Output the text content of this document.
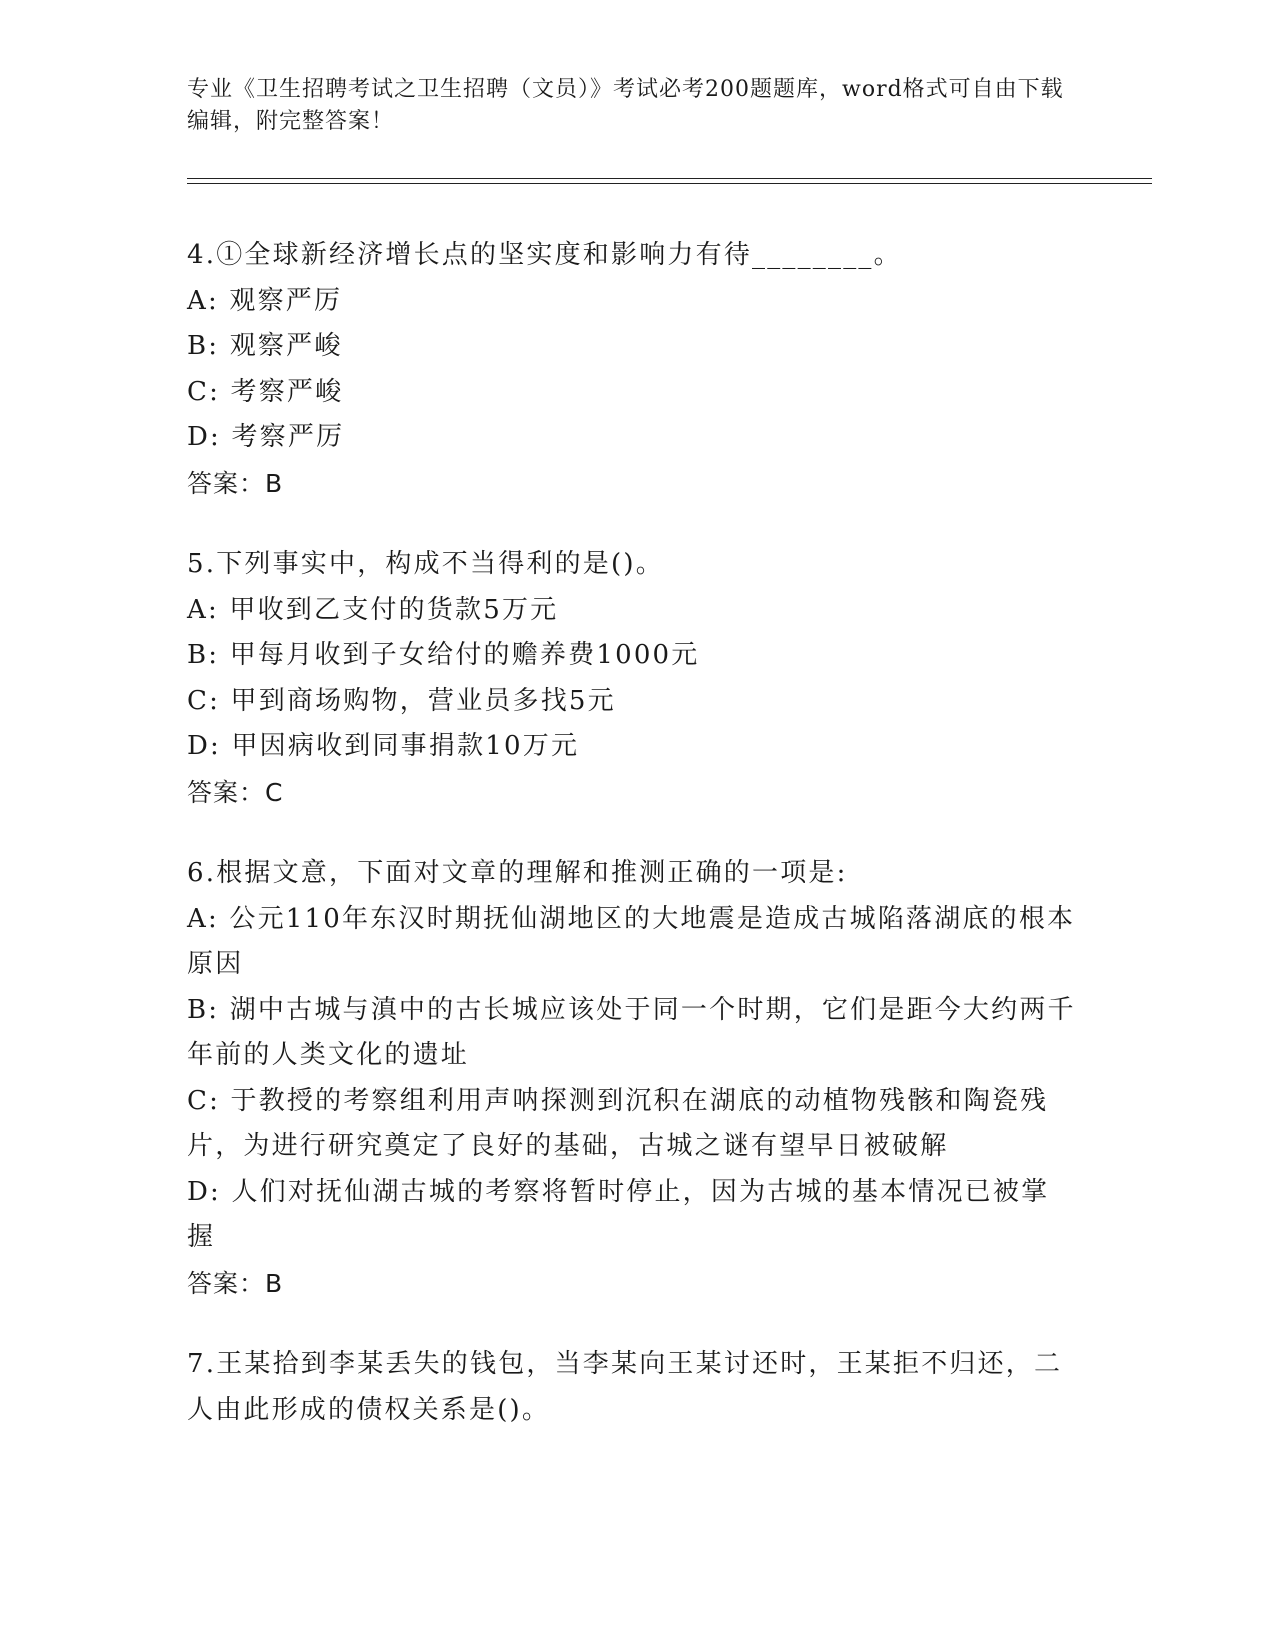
专业《卫生招聘考试之卫生招聘（文员）》考试必考200题题库，word格式可自由下载编辑，附完整答案！
4.①全球新经济增长点的坚实度和影响力有待________。
A: 观察严厉
B: 观察严峻
C: 考察严峻
D: 考察严厉
答案：B
5.下列事实中，构成不当得利的是()。
A: 甲收到乙支付的货款5万元
B: 甲每月收到子女给付的赡养费1000元
C: 甲到商场购物，营业员多找5元
D: 甲因病收到同事捐款10万元
答案：C
6.根据文意，下面对文章的理解和推测正确的一项是:
A: 公元110年东汉时期抚仙湖地区的大地震是造成古城陷落湖底的根本原因
B: 湖中古城与滇中的古长城应该处于同一个时期，它们是距今大约两千年前的人类文化的遗址
C: 于教授的考察组利用声呐探测到沉积在湖底的动植物残骸和陶瓷残片，为进行研究奠定了良好的基础，古城之谜有望早日被破解
D: 人们对抚仙湖古城的考察将暂时停止，因为古城的基本情况已被掌握
答案：B
7.王某拾到李某丢失的钱包，当李某向王某讨还时，王某拒不归还，二人由此形成的债权关系是()。
